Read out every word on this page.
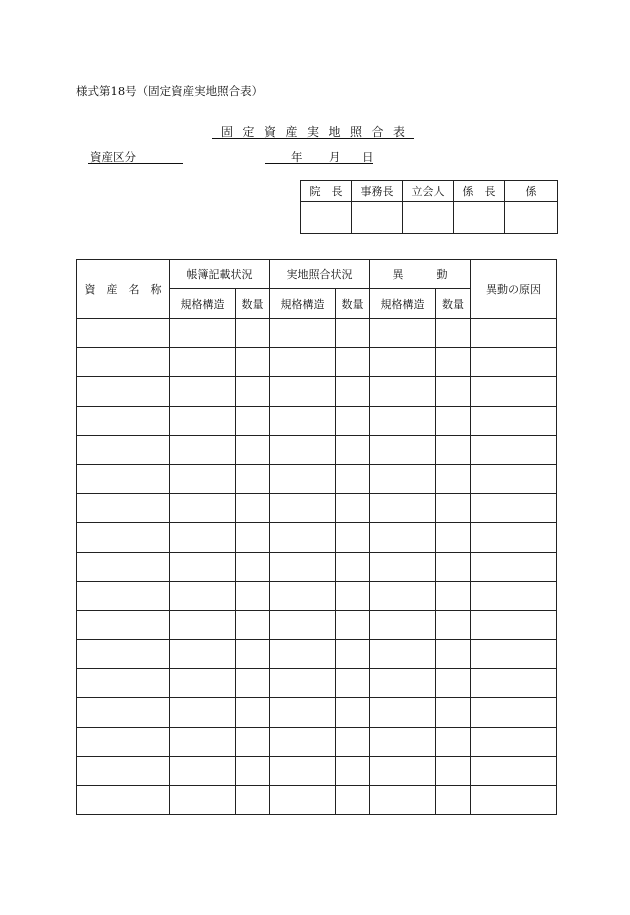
様式第18号（固定資産実地照合表）
固定資産実地照合表
資産区分	年 月 日
院　長	事務長	立会人	係　長	係

資産名称	帳簿記載状況		実地照合状況		異　　　動		異動の原因
	規格構造	数量	規格構造	数量	規格構造	数量	
